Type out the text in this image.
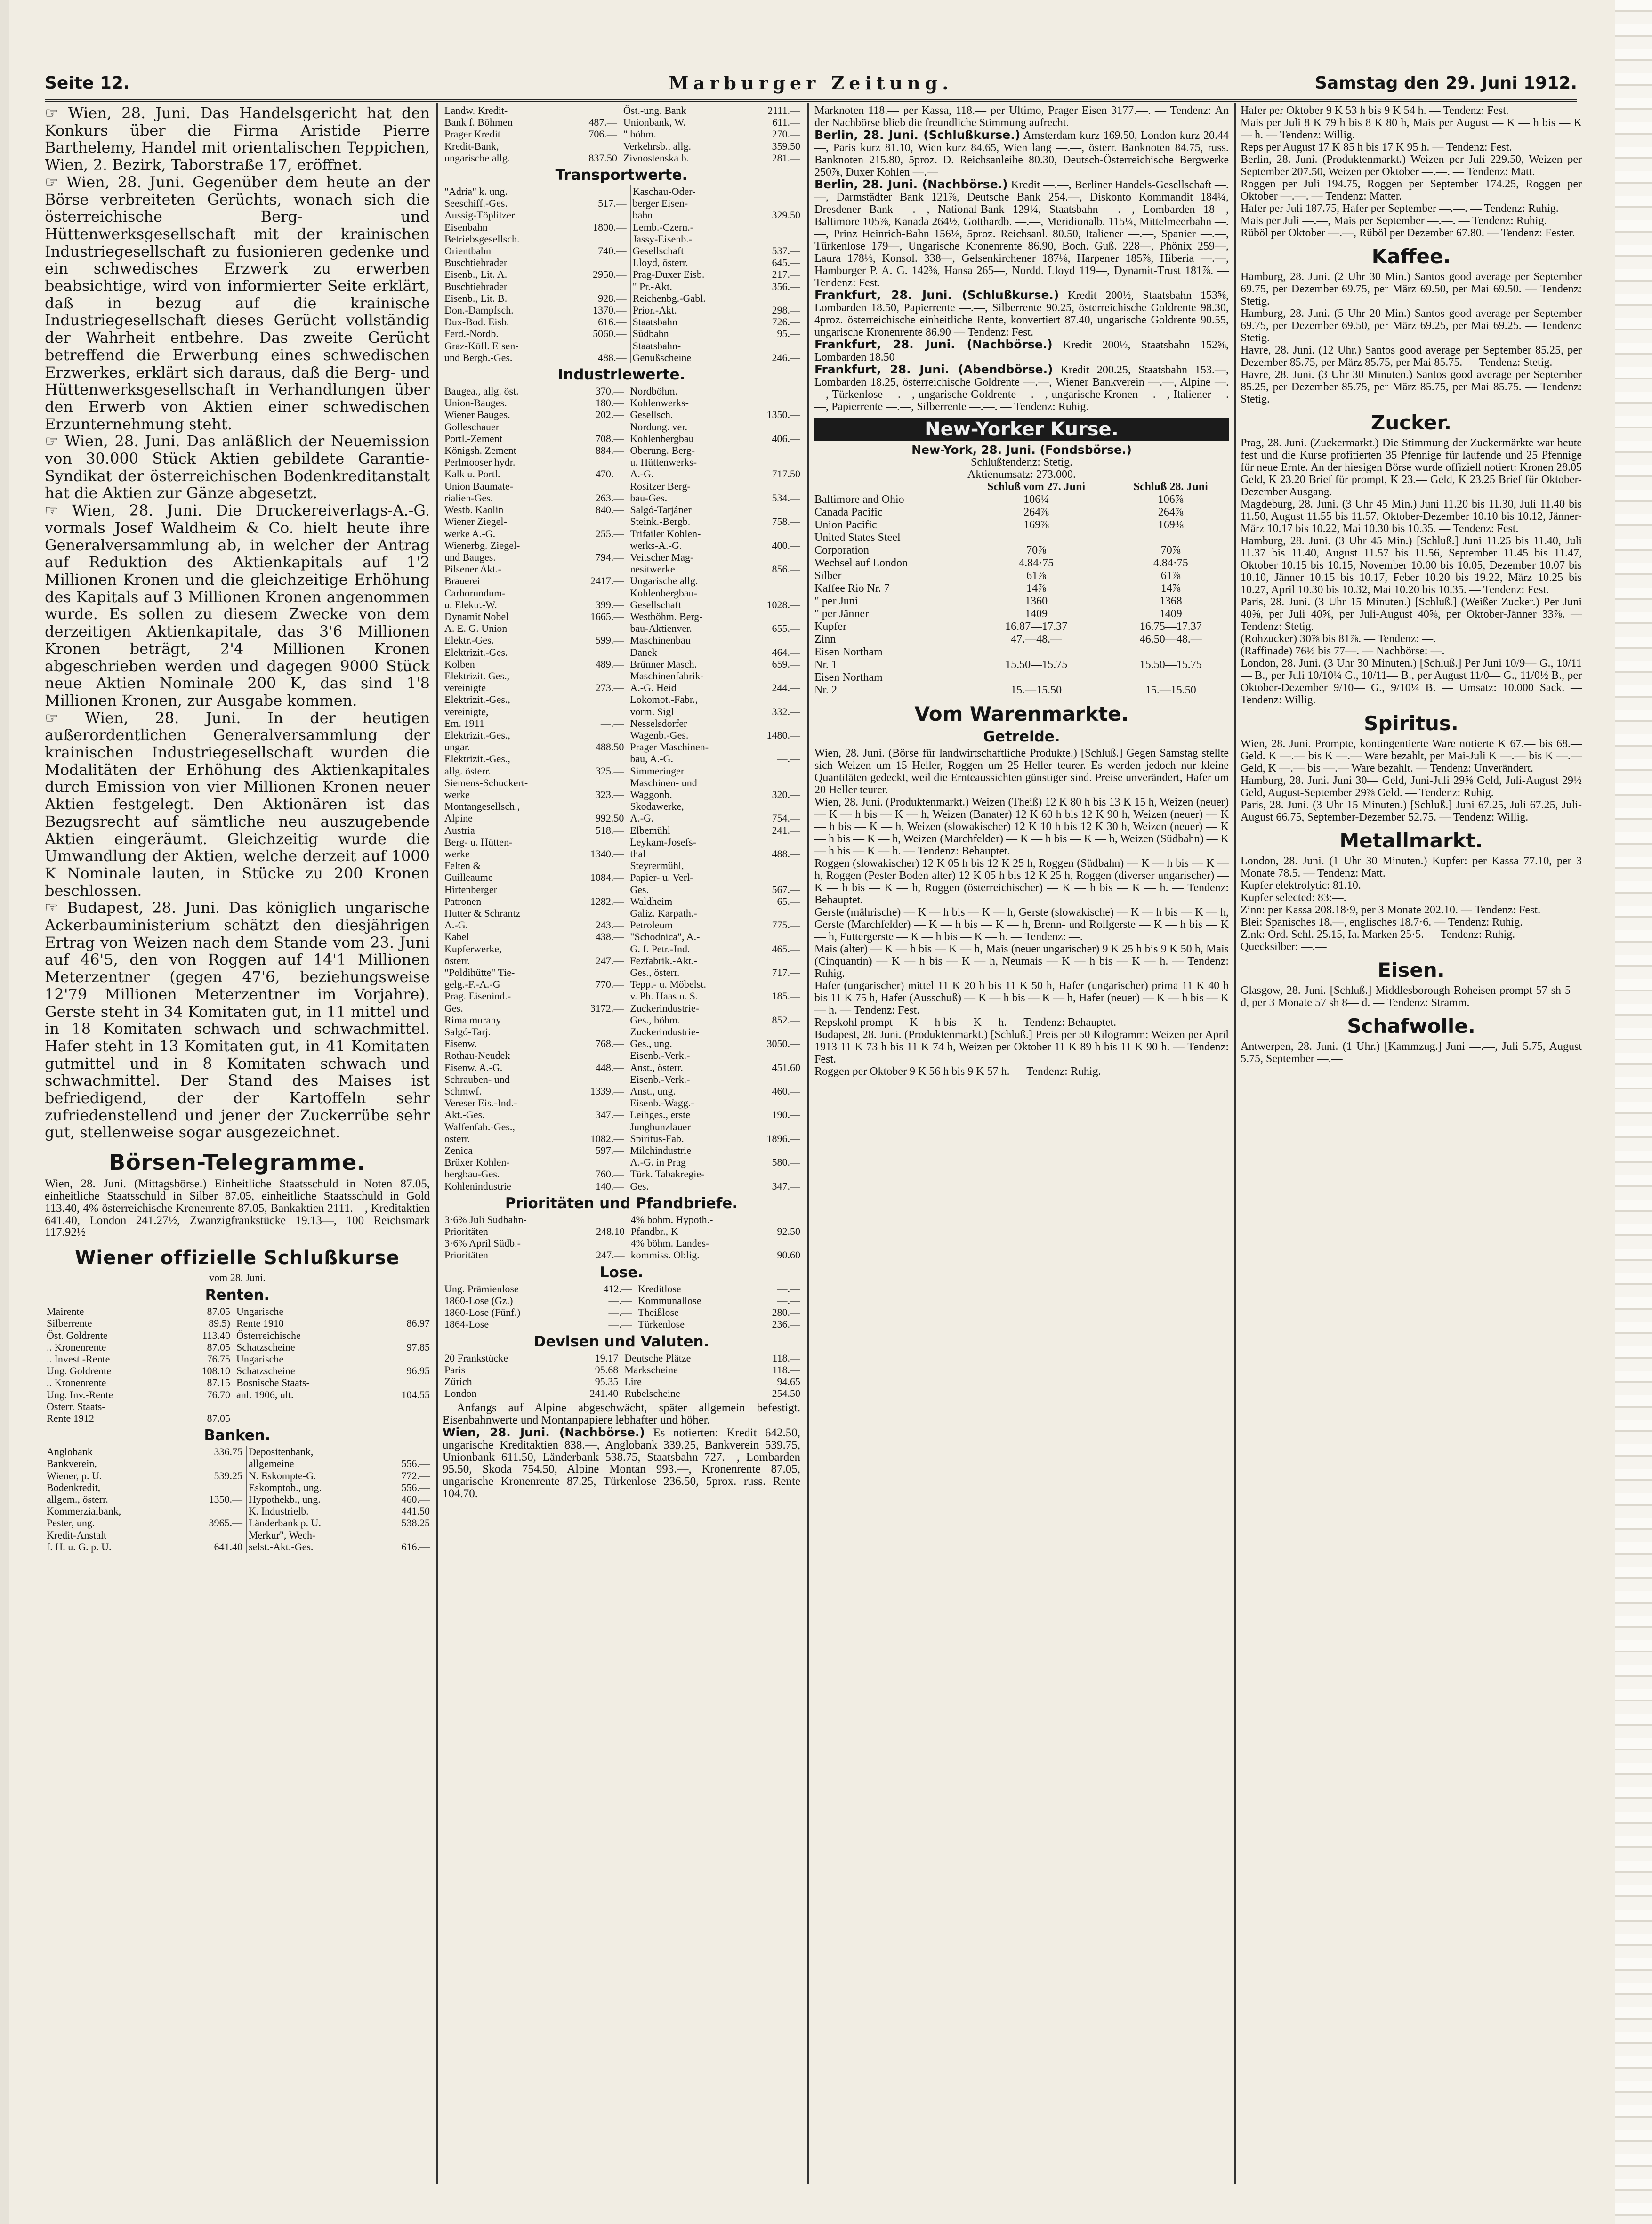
Seite 12.	Marburger Zeitung.	Samstag den 29. Juni 1912.

☞ Wien, 28. Juni. Das Handelsgericht hat den Konkurs über die Firma Aristide Pierre Barthelemy, Handel mit orientalischen Teppichen, Wien, 2. Bezirk, Taborstraße 17, eröffnet.

☞ Wien, 28. Juni. Gegenüber dem heute an der Börse verbreiteten Gerüchts, wonach sich die österreichische Berg- und Hüttenwerksgesellschaft mit der krainischen Industriegesellschaft zu fusionieren gedenke und ein schwedisches Erzwerk zu erwerben beabsichtige, wird von informierter Seite erklärt, daß in bezug auf die krainische Industriegesellschaft dieses Gerücht vollständig der Wahrheit entbehre. Das zweite Gerücht betreffend die Erwerbung eines schwedischen Erzwerkes, erklärt sich daraus, daß die Berg- und Hüttenwerksgesellschaft in Verhandlungen über den Erwerb von Aktien einer schwedischen Erzunternehmung steht.

☞ Wien, 28. Juni. Das anläßlich der Neuemission von 30.000 Stück Aktien gebildete Garantie-Syndikat der österreichischen Bodenkreditanstalt hat die Aktien zur Gänze abgesetzt.

☞ Wien, 28. Juni. Die Druckereiverlags-A.-G. vormals Josef Waldheim & Co. hielt heute ihre Generalversammlung ab, in welcher der Antrag auf Reduktion des Aktienkapitals auf 1'2 Millionen Kronen und die gleichzeitige Erhöhung des Kapitals auf 3 Millionen Kronen angenommen wurde. Es sollen zu diesem Zwecke von dem derzeitigen Aktienkapitale, das 3'6 Millionen Kronen beträgt, 2'4 Millionen Kronen abgeschrieben werden und dagegen 9000 Stück neue Aktien Nominale 200 K, das sind 1'8 Millionen Kronen, zur Ausgabe kommen.

☞ Wien, 28. Juni. In der heutigen außerordentlichen Generalversammlung der krainischen Industriegesellschaft wurden die Modalitäten der Erhöhung des Aktienkapitales durch Emission von vier Millionen Kronen neuer Aktien festgelegt. Den Aktionären ist das Bezugsrecht auf sämtliche neu auszugebende Aktien eingeräumt. Gleichzeitig wurde die Umwandlung der Aktien, welche derzeit auf 1000 K Nominale lauten, in Stücke zu 200 Kronen beschlossen.

☞ Budapest, 28. Juni. Das königlich ungarische Ackerbauministerium schätzt den diesjährigen Ertrag von Weizen nach dem Stande vom 23. Juni auf 46'5, den von Roggen auf 14'1 Millionen Meterzentner (gegen 47'6, beziehungsweise 12'79 Millionen Meterzentner im Vorjahre). Gerste steht in 34 Komitaten gut, in 11 mittel und in 18 Komitaten schwach und schwachmittel. Hafer steht in 13 Komitaten gut, in 41 Komitaten gutmittel und in 8 Komitaten schwach und schwachmittel. Der Stand des Maises ist befriedigend, der der Kartoffeln sehr zufriedenstellend und jener der Zuckerrübe sehr gut, stellenweise sogar ausgezeichnet.

Börsen-Telegramme.

Wien, 28. Juni. (Mittagsbörse.) Einheitliche Staatsschuld in Noten 87.05, einheitliche Staatsschuld in Silber 87.05, einheitliche Staatsschuld in Gold 113.40, 4% österreichische Kronenrente 87.05, Bankaktien 2111.—, Kreditaktien 641.40, London 241.27½, Zwanzigfrankstücke 19.13—, 100 Reichsmark 117.92½

Wiener offizielle Schlußkurse
vom 28. Juni.
Renten.
Mairente	87.05	Ungarische	
Silberrente	89.5)	Rente 1910	86.97
Öst. Goldrente	113.40	Österreichische	
.. Kronenrente	87.05	Schatzscheine	97.85
.. Invest.-Rente	76.75	Ungarische	
Ung. Goldrente	108.10	Schatzscheine	96.95
.. Kronenrente	87.15	Bosnische Staats-	
Ung. Inv.-Rente	76.70	anl. 1906, ult.	104.55
Österr. Staats-			
Rente 1912	87.05		
Banken.
Anglobank	336.75	Depositenbank,	
Bankverein,		allgemeine	556.—
Wiener, p. U.	539.25	N. Eskompte-G.	772.—
Bodenkredit,		Eskomptob., ung.	556.—
allgem., österr.	1350.—	Hypothekb., ung.	460.—
Kommerzialbank,		K. Industrielb.	441.50
Pester, ung.	3965.—	Länderbank p. U.	538.25
Kredit-Anstalt		Merkur", Wech-	
f. H. u. G. p. U.	641.40	selst.-Akt.-Ges.	616.—
Landw. Kredit-		Öst.-ung. Bank	2111.—
Bank f. Böhmen	487.—	Unionbank, W.	611.—
Prager Kredit	706.—	" böhm.	270.—
Kredit-Bank,		Verkehrsb., allg.	359.50
ungarische allg.	837.50	Zivnostenska b.	281.—
Transportwerte.
"Adria" k. ung.		Kaschau-Oder-	
Seeschiff.-Ges.	517.—	berger Eisen-	
Aussig-Töplitzer		bahn	329.50
Eisenbahn	1800.—	Lemb.-Czern.-	
Betriebsgesellsch.		Jassy-Eisenb.-	
Orientbahn	740.—	Gesellschaft	537.—
Buschtiehrader		Lloyd, österr.	645.—
Eisenb., Lit. A.	2950.—	Prag-Duxer Eisb.	217.—
Buschtiehrader		" Pr.-Akt.	356.—
Eisenb., Lit. B.	928.—	Reichenbg.-Gabl.	
Don.-Dampfsch.	1370.—	Prior.-Akt.	298.—
Dux-Bod. Eisb.	616.—	Staatsbahn	726.—
Ferd.-Nordb.	5060.—	Südbahn	95.—
Graz-Köfl. Eisen-		Staatsbahn-	
und Bergb.-Ges.	488.—	Genußscheine	246.—
Industriewerte.
Baugea., allg. öst.	370.—	Nordböhm.	
Union-Bauges.	180.—	Kohlenwerks-	
Wiener Bauges.	202.—	Gesellsch.	1350.—
Golleschauer		Nordung. ver.	
Portl.-Zement	708.—	Kohlenbergbau	406.—
Königsh. Zement	884.—	Oberung. Berg-	
Perlmooser hydr.		u. Hüttenwerks-	
Kalk u. Portl.	470.—	A.-G.	717.50
Union Baumate-		Rositzer Berg-	
rialien-Ges.	263.—	bau-Ges.	534.—
Westb. Kaolin	840.—	Salgó-Tarjáner	
Wiener Ziegel-		Steink.-Bergb.	758.—
werke A.-G.	255.—	Trifailer Kohlen-	
Wienerbg. Ziegel-		werks-A.-G.	400.—
und Bauges.	794.—	Veitscher Mag-	
Pilsener Akt.-		nesitwerke	856.—
Brauerei	2417.—	Ungarische allg.	
Carborundum-		Kohlenbergbau-	
u. Elektr.-W.	399.—	Gesellschaft	1028.—
Dynamit Nobel	1665.—	Westböhm. Berg-	
A. E. G. Union		bau-Aktienver.	655.—
Elektr.-Ges.	599.—	Maschinenbau	
Elektrizit.-Ges.		Danek	464.—
Kolben	489.—	Brünner Masch.	659.—
Elektrizit. Ges.,		Maschinenfabrik-	
vereinigte	273.—	A.-G. Heid	244.—
Elektrizit.-Ges.,		Lokomot.-Fabr.,	
vereinigte,		vorm. Sigl	332.—
Em. 1911	—.—	Nesselsdorfer	
Elektrizit.-Ges.,		Wagenb.-Ges.	1480.—
ungar.	488.50	Prager Maschinen-	
Elektrizit.-Ges.,		bau, A.-G.	—.—
allg. österr.	325.—	Simmeringer	
Siemens-Schuckert-		Maschinen- und	
werke	323.—	Waggonb.	320.—
Montangesellsch.,		Skodawerke,	
Alpine	992.50	A.-G.	754.—
Austria	518.—	Elbemühl	241.—
Berg- u. Hütten-		Leykam-Josefs-	
werke	1340.—	thal	488.—
Felten &		Steyrermühl,	
Guilleaume	1084.—	Papier- u. Verl-	
Hirtenberger		Ges.	567.—
Patronen	1282.—	Waldheim	65.—
Hutter & Schrantz		Galiz. Karpath.-	
A.-G.	243.—	Petroleum	775.—
Kabel	438.—	"Schodnica", A.-	
Kupferwerke,		G. f. Petr.-Ind.	465.—
österr.	247.—	Fezfabrik.-Akt.-	
"Poldihütte" Tie-		Ges., österr.	717.—
gelg.-F.-A.-G	770.—	Tepp.- u. Möbelst.	
Prag. Eisenind.-		v. Ph. Haas u. S.	185.—
Ges.	3172.—	Zuckerindustrie-	
Rima murany		Ges., böhm.	852.—
Salgó-Tarj.		Zuckerindustrie-	
Eisenw.	768.—	Ges., ung.	3050.—
Rothau-Neudek		Eisenb.-Verk.-	
Eisenw. A.-G.	448.—	Anst., österr.	451.60
Schrauben- und		Eisenb.-Verk.-	
Schmwf.	1339.—	Anst., ung.	460.—
Vereser Eis.-Ind.-		Eisenb.-Wagg.-	
Akt.-Ges.	347.—	Leihges., erste	190.—
Waffenfab.-Ges.,		Jungbunzlauer	
österr.	1082.—	Spiritus-Fab.	1896.—
Zenica	597.—	Milchindustrie	
Brüxer Kohlen-		A.-G. in Prag	580.—
bergbau-Ges.	760.—	Türk. Tabakregie-	
Kohlenindustrie	140.—	Ges.	347.—
Prioritäten und Pfandbriefe.
3·6% Juli Südbahn-		4% böhm. Hypoth.-	
Prioritäten	248.10	Pfandbr., K	92.50
3·6% April Südb.-		4% böhm. Landes-	
Prioritäten	247.—	kommiss. Oblig.	90.60
Lose.
Ung. Prämienlose	412.—	Kreditlose	—.—
1860-Lose (Gz.)	—.—	Kommunallose	—.—
1860-Lose (Fünf.)	—.—	Theißlose	280.—
1864-Lose	—.—	Türkenlose	236.—
Devisen und Valuten.
20 Frankstücke	19.17	Deutsche Plätze	118.—
Paris	95.68	Markscheine	118.—
Zürich	95.35	Lire	94.65
London	241.40	Rubelscheine	254.50

Anfangs auf Alpine abgeschwächt, später allgemein befestigt. Eisenbahnwerte und Montanpapiere lebhafter und höher.

Wien, 28. Juni. (Nachbörse.) Es notierten: Kredit 642.50, ungarische Kreditaktien 838.—, Anglobank 339.25, Bankverein 539.75, Unionbank 611.50, Länderbank 538.75, Staatsbahn 727.—, Lombarden 95.50, Skoda 754.50, Alpine Montan 993.—, Kronenrente 87.05, ungarische Kronenrente 87.25, Türkenlose 236.50, 5prox. russ. Rente 104.70.

Marknoten 118.— per Kassa, 118.— per Ultimo, Prager Eisen 3177.—. — Tendenz: An der Nachbörse blieb die freundliche Stimmung aufrecht.

Berlin, 28. Juni. (Schlußkurse.) Amsterdam kurz 169.50, London kurz 20.44—, Paris kurz 81.10, Wien kurz 84.65, Wien lang —.—, österr. Banknoten 84.75, russ. Banknoten 215.80, 5proz. D. Reichsanleihe 80.30, Deutsch-Österreichische Bergwerke 250⅞, Duxer Kohlen —.—

Berlin, 28. Juni. (Nachbörse.) Kredit —.—, Berliner Handels-Gesellschaft —.—, Darmstädter Bank 121⅞, Deutsche Bank 254.—, Diskonto Kommandit 184¼, Dresdener Bank —.—, National-Bank 129¼, Staatsbahn —.—, Lombarden 18—, Baltimore 105⅞, Kanada 264½, Gotthardb. —.—, Meridionalb. 115¼, Mittelmeerbahn —.—, Prinz Heinrich-Bahn 156⅛, 5proz. Reichsanl. 80.50, Italiener —.—, Spanier —.—, Türkenlose 179—, Ungarische Kronenrente 86.90, Boch. Guß. 228—, Phönix 259—, Laura 178⅛, Konsol. 338—, Gelsenkirchener 187⅛, Harpener 185⅞, Hiberia —.—, Hamburger P. A. G. 142⅜, Hansa 265—, Nordd. Lloyd 119—, Dynamit-Trust 181⅞. — Tendenz: Fest.

Frankfurt, 28. Juni. (Schlußkurse.) Kredit 200½, Staatsbahn 153⅝, Lombarden 18.50, Papierrente —.—, Silberrente 90.25, österreichische Goldrente 98.30, 4proz. österreichische einheitliche Rente, konvertiert 87.40, ungarische Goldrente 90.55, ungarische Kronenrente 86.90 — Tendenz: Fest.

Frankfurt, 28. Juni. (Nachbörse.) Kredit 200½, Staatsbahn 152⅝, Lombarden 18.50

Frankfurt, 28. Juni. (Abendbörse.) Kredit 200.25, Staatsbahn 153.—, Lombarden 18.25, österreichische Goldrente —.—, Wiener Bankverein —.—, Alpine —.—, Türkenlose —.—, ungarische Goldrente —.—, ungarische Kronen —.—, Italiener —.—, Papierrente —.—, Silberrente —.—. — Tendenz: Ruhig.

New-Yorker Kurse.
New-York, 28. Juni. (Fondsbörse.)
Schlußtendenz: Stetig.
Aktienumsatz: 273.000.
	Schluß vom 27. Juni	Schluß 28. Juni
Baltimore and Ohio	106¼	106⅞
Canada Pacific	264⅞	264⅞
Union Pacific	169⅞	169⅜
United States Steel		
Corporation	70⅞	70⅞
Wechsel auf London	4.84·75	4.84·75
Silber	61⅞	61⅞
Kaffee Rio Nr. 7	14⅞	14⅞
" per Juni	1360	1368
" per Jänner	1409	1409
Kupfer	16.87—17.37	16.75—17.37
Zinn	47.—48.—	46.50—48.—
Eisen Northam		
Nr. 1	15.50—15.75	15.50—15.75
Eisen Northam		
Nr. 2	15.—15.50	15.—15.50
Vom Warenmarkte.
Getreide.

Wien, 28. Juni. (Börse für landwirtschaftliche Produkte.) [Schluß.] Gegen Samstag stellte sich Weizen um 15 Heller, Roggen um 25 Heller teurer. Es werden jedoch nur kleine Quantitäten gedeckt, weil die Ernteaussichten günstiger sind. Preise unverändert, Hafer um 20 Heller teurer.

Wien, 28. Juni. (Produktenmarkt.) Weizen (Theiß) 12 K 80 h bis 13 K 15 h, Weizen (neuer) — K — h bis — K — h, Weizen (Banater) 12 K 60 h bis 12 K 90 h, Weizen (neuer) — K — h bis — K — h, Weizen (slowakischer) 12 K 10 h bis 12 K 30 h, Weizen (neuer) — K — h bis — K — h, Weizen (Marchfelder) — K — h bis — K — h, Weizen (Südbahn) — K — h bis — K — h. — Tendenz: Behauptet.

Roggen (slowakischer) 12 K 05 h bis 12 K 25 h, Roggen (Südbahn) — K — h bis — K — h, Roggen (Pester Boden alter) 12 K 05 h bis 12 K 25 h, Roggen (diverser ungarischer) — K — h bis — K — h, Roggen (österreichischer) — K — h bis — K — h. — Tendenz: Behauptet.

Gerste (mährische) — K — h bis — K — h, Gerste (slowakische) — K — h bis — K — h, Gerste (Marchfelder) — K — h bis — K — h, Brenn- und Rollgerste — K — h bis — K — h, Futtergerste — K — h bis — K — h. — Tendenz: —.

Mais (alter) — K — h bis — K — h, Mais (neuer ungarischer) 9 K 25 h bis 9 K 50 h, Mais (Cinquantin) — K — h bis — K — h, Neumais — K — h bis — K — h. — Tendenz: Ruhig.

Hafer (ungarischer) mittel 11 K 20 h bis 11 K 50 h, Hafer (ungarischer) prima 11 K 40 h bis 11 K 75 h, Hafer (Ausschuß) — K — h bis — K — h, Hafer (neuer) — K — h bis — K — h. — Tendenz: Fest.

Repskohl prompt — K — h bis — K — h. — Tendenz: Behauptet.

Budapest, 28. Juni. (Produktenmarkt.) [Schluß.] Preis per 50 Kilogramm: Weizen per April 1913 11 K 73 h bis 11 K 74 h, Weizen per Oktober 11 K 89 h bis 11 K 90 h. — Tendenz: Fest.

Roggen per Oktober 9 K 56 h bis 9 K 57 h. — Tendenz: Ruhig.

Hafer per Oktober 9 K 53 h bis 9 K 54 h. — Tendenz: Fest.

Mais per Juli 8 K 79 h bis 8 K 80 h, Mais per August — K — h bis — K — h. — Tendenz: Willig.

Reps per August 17 K 85 h bis 17 K 95 h. — Tendenz: Fest.

Berlin, 28. Juni. (Produktenmarkt.) Weizen per Juli 229.50, Weizen per September 207.50, Weizen per Oktober —.—. — Tendenz: Matt.

Roggen per Juli 194.75, Roggen per September 174.25, Roggen per Oktober —.—. — Tendenz: Matter.

Hafer per Juli 187.75, Hafer per September —.—. — Tendenz: Ruhig.

Mais per Juli —.—, Mais per September —.—. — Tendenz: Ruhig.

Rüböl per Oktober —.—, Rüböl per Dezember 67.80. — Tendenz: Fester.

Kaffee.

Hamburg, 28. Juni. (2 Uhr 30 Min.) Santos good average per September 69.75, per Dezember 69.75, per März 69.50, per Mai 69.50. — Tendenz: Stetig.

Hamburg, 28. Juni. (5 Uhr 20 Min.) Santos good average per September 69.75, per Dezember 69.50, per März 69.25, per Mai 69.25. — Tendenz: Stetig.

Havre, 28. Juni. (12 Uhr.) Santos good average per September 85.25, per Dezember 85.75, per März 85.75, per Mai 85.75. — Tendenz: Stetig.

Havre, 28. Juni. (3 Uhr 30 Minuten.) Santos good average per September 85.25, per Dezember 85.75, per März 85.75, per Mai 85.75. — Tendenz: Stetig.

Zucker.

Prag, 28. Juni. (Zuckermarkt.) Die Stimmung der Zuckermärkte war heute fest und die Kurse profitierten 35 Pfennige für laufende und 25 Pfennige für neue Ernte. An der hiesigen Börse wurde offiziell notiert: Kronen 28.05 Geld, K 23.20 Brief für prompt, K 23.— Geld, K 23.25 Brief für Oktober-Dezember Ausgang.

Magdeburg, 28. Juni. (3 Uhr 45 Min.) Juni 11.20 bis 11.30, Juli 11.40 bis 11.50, August 11.55 bis 11.57, Oktober-Dezember 10.10 bis 10.12, Jänner-März 10.17 bis 10.22, Mai 10.30 bis 10.35. — Tendenz: Fest.

Hamburg, 28. Juni. (3 Uhr 45 Min.) [Schluß.] Juni 11.25 bis 11.40, Juli 11.37 bis 11.40, August 11.57 bis 11.56, September 11.45 bis 11.47, Oktober 10.15 bis 10.15, November 10.00 bis 10.05, Dezember 10.07 bis 10.10, Jänner 10.15 bis 10.17, Feber 10.20 bis 19.22, März 10.25 bis 10.27, April 10.30 bis 10.32, Mai 10.20 bis 10.35. — Tendenz: Fest.

Paris, 28. Juni. (3 Uhr 15 Minuten.) [Schluß.] (Weißer Zucker.) Per Juni 40⅝, per Juli 40⅝, per Juli-August 40⅝, per Oktober-Jänner 33⅞. — Tendenz: Stetig.

(Rohzucker) 30⅞ bis 81⅞. — Tendenz: —.

(Raffinade) 76½ bis 77—. — Nachbörse: —.

London, 28. Juni. (3 Uhr 30 Minuten.) [Schluß.] Per Juni 10/9— G., 10/11— B., per Juli 10/10¼ G., 10/11— B., per August 11/0— G., 11/0½ B., per Oktober-Dezember 9/10— G., 9/10¼ B. — Umsatz: 10.000 Sack. — Tendenz: Willig.

Spiritus.

Wien, 28. Juni. Prompte, kontingentierte Ware notierte K 67.— bis 68.— Geld. K —.— bis K —.— Ware bezahlt, per Mai-Juli K —.— bis K —.— Geld, K —.— bis —.— Ware bezahlt. — Tendenz: Unverändert.

Hamburg, 28. Juni. Juni 30— Geld, Juni-Juli 29⅝ Geld, Juli-August 29½ Geld, August-September 29⅞ Geld. — Tendenz: Ruhig.

Paris, 28. Juni. (3 Uhr 15 Minuten.) [Schluß.] Juni 67.25, Juli 67.25, Juli-August 66.75, September-Dezember 52.75. — Tendenz: Willig.

Metallmarkt.

London, 28. Juni. (1 Uhr 30 Minuten.) Kupfer: per Kassa 77.10, per 3 Monate 78.5. — Tendenz: Matt.

Kupfer elektrolytic: 81.10.

Kupfer selected: 83:—.

Zinn: per Kassa 208.18·9, per 3 Monate 202.10. — Tendenz: Fest.

Blei: Spanisches 18.—, englisches 18.7·6. — Tendenz: Ruhig.

Zink: Ord. Schl. 25.15, Ia. Marken 25·5. — Tendenz: Ruhig.

Quecksilber: —.—

Eisen.

Glasgow, 28. Juni. [Schluß.] Middlesborough Roheisen prompt 57 sh 5— d, per 3 Monate 57 sh 8— d. — Tendenz: Stramm.

Schafwolle.

Antwerpen, 28. Juni. (1 Uhr.) [Kammzug.] Juni —.—, Juli 5.75, August 5.75, September —.—
